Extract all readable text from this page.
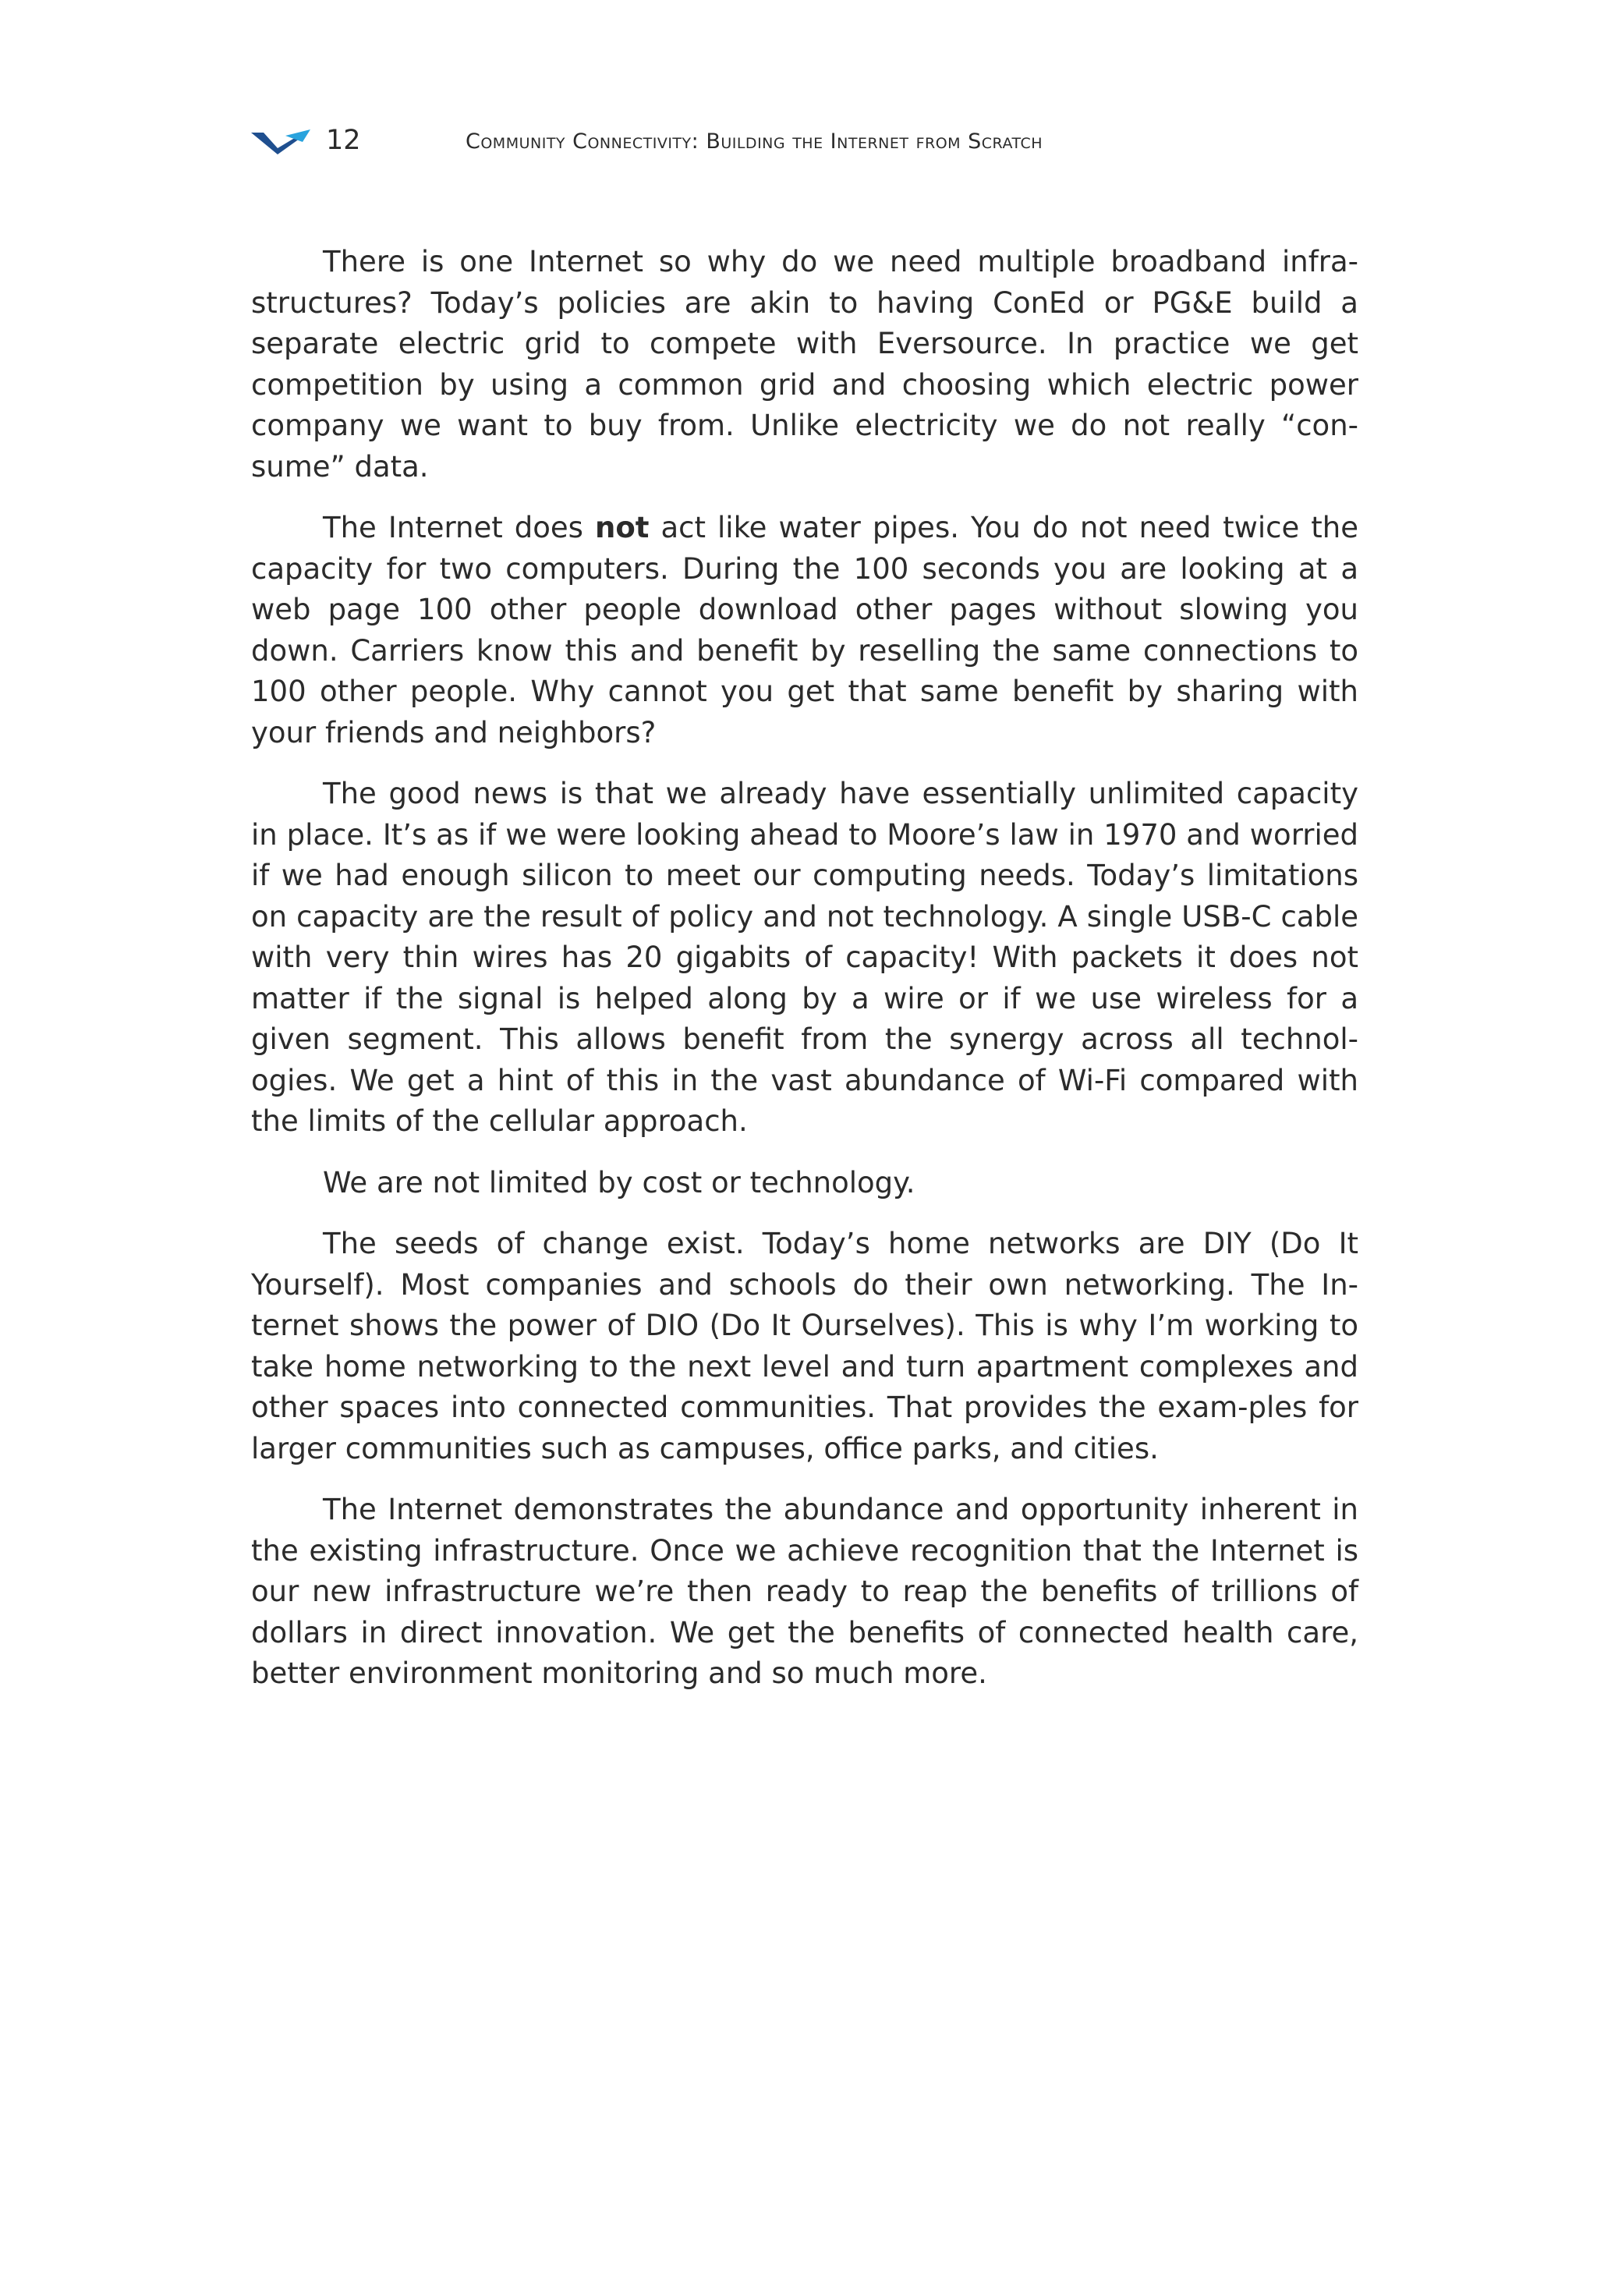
12	Community Connectivity: Building the Internet from Scratch

There is one Internet so why do we need multiple broadband infra-structures? Today’s policies are akin to having ConEd or PG&E build a separate electric grid to compete with Eversource. In practice we get competition by using a common grid and choosing which electric power company we want to buy from. Unlike electricity we do not really “con-sume” data.

The Internet does not act like water pipes. You do not need twice the capacity for two computers. During the 100 seconds you are looking at a web page 100 other people download other pages without slowing you down. Carriers know this and benefit by reselling the same connections to 100 other people. Why cannot you get that same benefit by sharing with your friends and neighbors?

The good news is that we already have essentially unlimited capacity in place. It’s as if we were looking ahead to Moore’s law in 1970 and worried if we had enough silicon to meet our computing needs. Today’s limitations on capacity are the result of policy and not technology. A single USB-C cable with very thin wires has 20 gigabits of capacity! With packets it does not matter if the signal is helped along by a wire or if we use wireless for a given segment. This allows benefit from the synergy across all technol-ogies. We get a hint of this in the vast abundance of Wi-Fi compared with the limits of the cellular approach.

We are not limited by cost or technology.

The seeds of change exist. Today’s home networks are DIY (Do It Yourself). Most companies and schools do their own networking. The In-ternet shows the power of DIO (Do It Ourselves). This is why I’m working to take home networking to the next level and turn apartment complexes and other spaces into connected communities. That provides the exam-ples for larger communities such as campuses, office parks, and cities.

The Internet demonstrates the abundance and opportunity inherent in the existing infrastructure. Once we achieve recognition that the Internet is our new infrastructure we’re then ready to reap the benefits of trillions of dollars in direct innovation. We get the benefits of connected health care, better environment monitoring and so much more.
